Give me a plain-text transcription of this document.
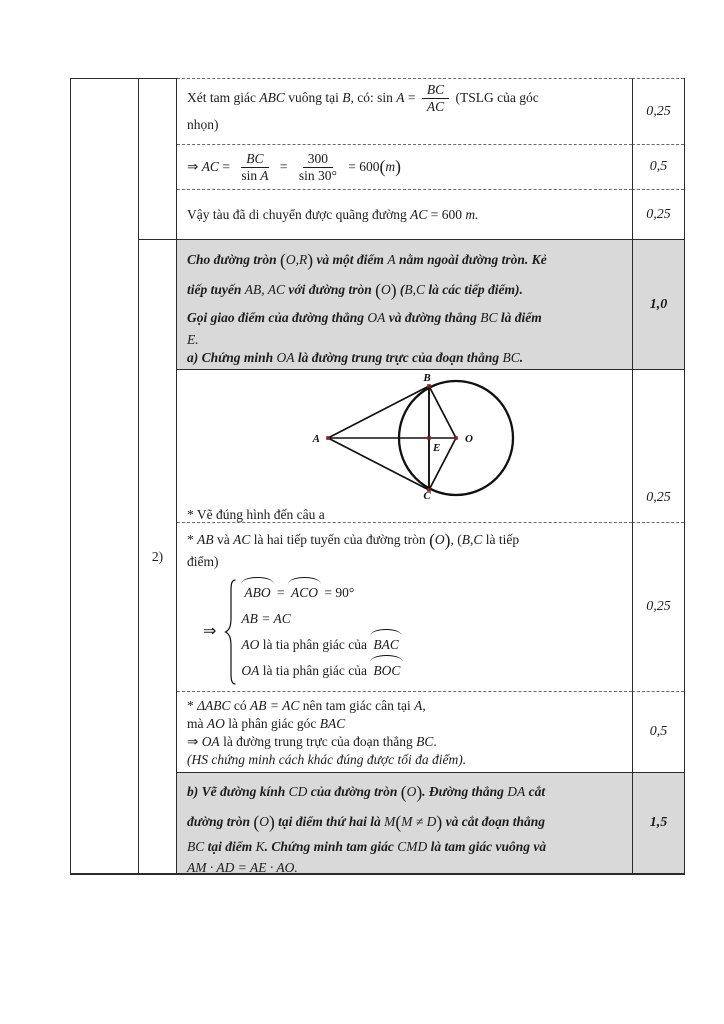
2)
Xét tam giác ABC vuông tại B, có: $\sin A = \frac{BC}{AC}$ (TSLG của góc
nhọn)
0,25
⇒ AC = $\frac{BC}{\text{sin A}} = \frac{300}{\sin 30^\circ} = 600(m)$	0,5
Vậy tàu đã di chuyển được quãng đường AC = 600 m.	0,25
Cho đường tròn (O,R) và một điểm A nằm ngoài đường tròn. Kẻ
tiếp tuyến AB, AC với đường tròn (O) (B,C là các tiếp điểm).
Gọi giao điểm của đường thẳng OA và đường thẳng BC là điểm
E.
a) Chứng minh OA là đường trung trực của đoạn thẳng BC.
1,0
A
B
C
E
O
* Vẽ đúng hình đến câu a
0,25
* AB và AC là hai tiếp tuyến của đường tròn (O), (B,C là tiếp
điểm)
⇒
ABO = ACO = 90°
AB = AC
AO là tia phân giác của BAC
OA là tia phân giác của BOC
0,25
* ΔABC có AB = AC nên tam giác cân tại A,
mà AO là phân giác góc BAC
⇒ OA là đường trung trực của đoạn thẳng BC.
(HS chứng minh cách khác đúng được tối đa điểm).
0,5
b) Vẽ đường kính CD của đường tròn (O). Đường thẳng DA cắt
đường tròn (O) tại điểm thứ hai là M(M ≠ D) và cắt đoạn thẳng
BC tại điểm K. Chứng minh tam giác CMD là tam giác vuông và
AM · AD = AE · AO.
1,5
